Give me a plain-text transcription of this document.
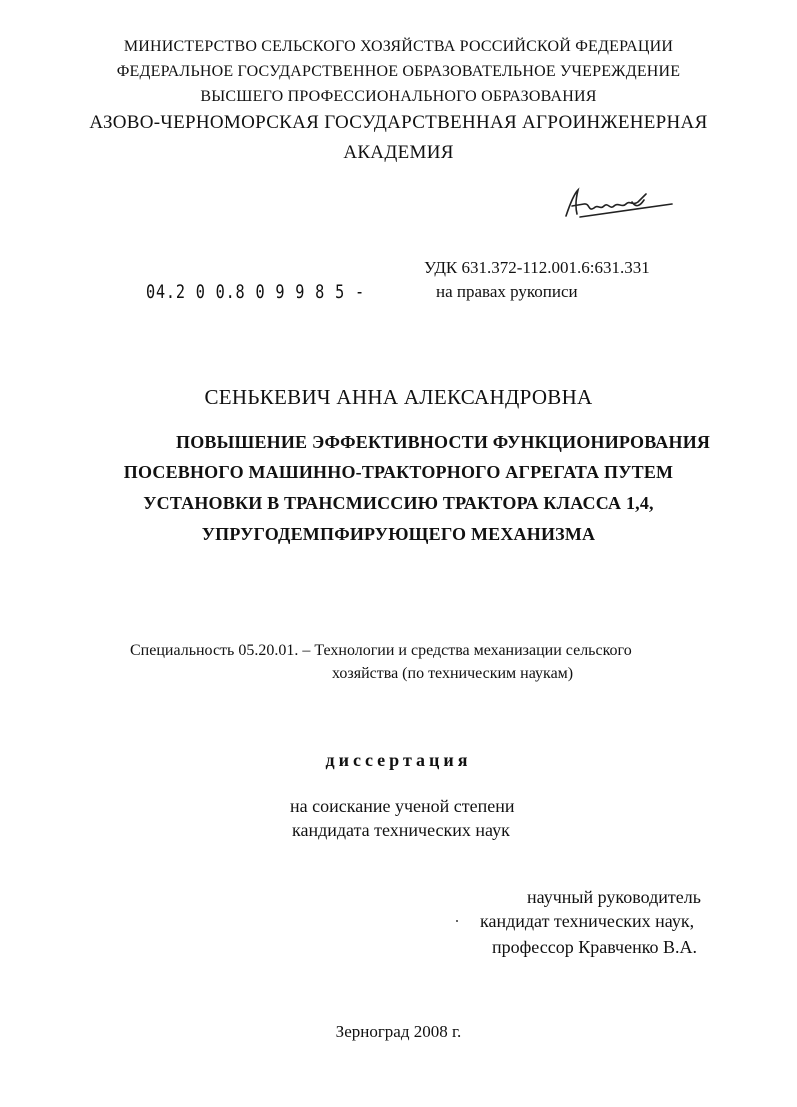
МИНИСТЕРСТВО СЕЛЬСКОГО ХОЗЯЙСТВА РОССИЙСКОЙ ФЕДЕРАЦИИ
ФЕДЕРАЛЬНОЕ ГОСУДАРСТВЕННОЕ ОБРАЗОВАТЕЛЬНОЕ УЧЕРЕЖДЕНИЕ
ВЫСШЕГО ПРОФЕССИОНАЛЬНОГО ОБРАЗОВАНИЯ
АЗОВО-ЧЕРНОМОРСКАЯ ГОСУДАРСТВЕННАЯ АГРОИНЖЕНЕРНАЯ
АКАДЕМИЯ
УДК 631.372-112.001.6:631.331
на правах рукописи
04.2 0 0.8 0 9 9 8 5 -
СЕНЬКЕВИЧ АННА АЛЕКСАНДРОВНА
ПОВЫШЕНИЕ ЭФФЕКТИВНОСТИ ФУНКЦИОНИРОВАНИЯ
ПОСЕВНОГО МАШИННО-ТРАКТОРНОГО АГРЕГАТА ПУТЕМ
УСТАНОВКИ В ТРАНСМИССИЮ ТРАКТОРА КЛАССА 1,4,
УПРУГОДЕМПФИРУЮЩЕГО МЕХАНИЗМА
Специальность 05.20.01. – Технологии и средства механизации сельского
хозяйства (по техническим наукам)
диссертация
на соискание ученой степени
кандидата технических наук
научный руководитель
кандидат технических наук,
профессор Кравченко В.А.
Зерноград 2008 г.
